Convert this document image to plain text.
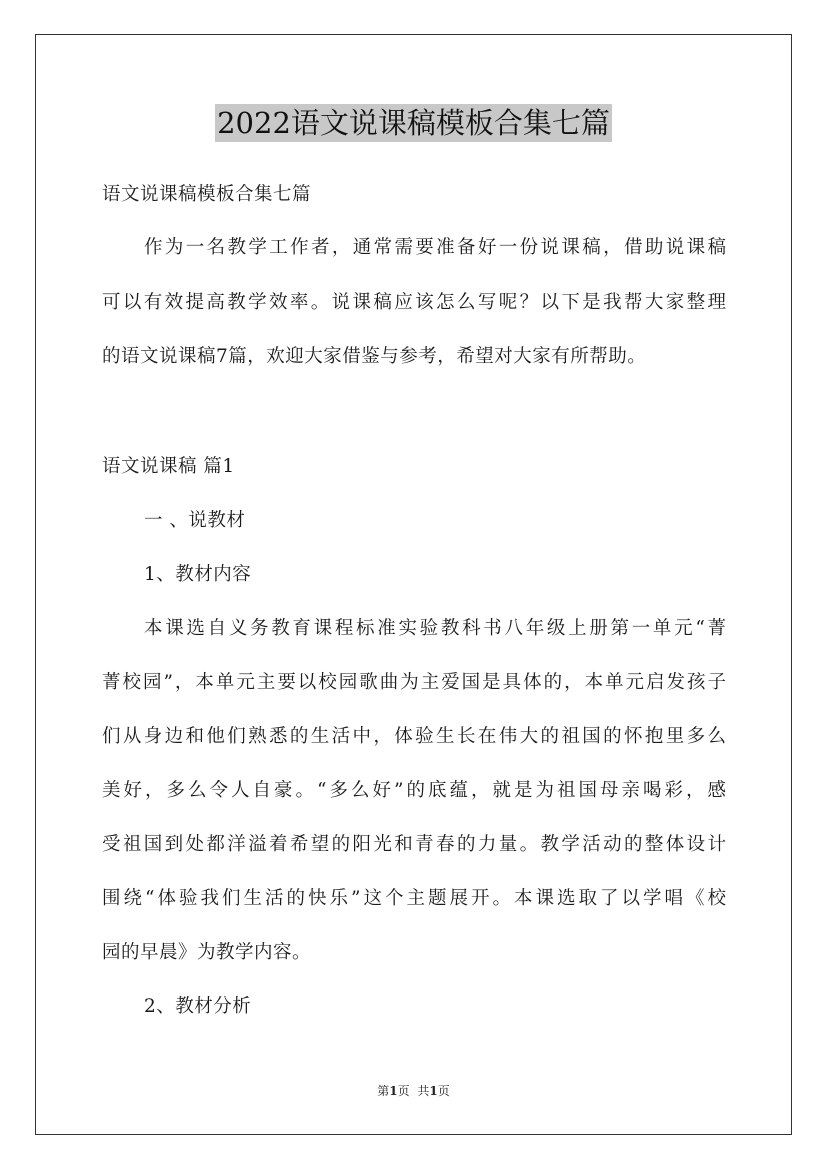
2022语文说课稿模板合集七篇
语文说课稿模板合集七篇
作为一名教学工作者，通常需要准备好一份说课稿，借助说课稿
可以有效提高教学效率。说课稿应该怎么写呢？以下是我帮大家整理
的语文说课稿7篇，欢迎大家借鉴与参考，希望对大家有所帮助。
语文说课稿 篇1
一 、说教材
1、教材内容
本课选自义务教育课程标准实验教科书八年级上册第一单元“菁
菁校园”，本单元主要以校园歌曲为主爱国是具体的，本单元启发孩子
们从身边和他们熟悉的生活中，体验生长在伟大的祖国的怀抱里多么
美好，多么令人自豪。“多么好”的底蕴，就是为祖国母亲喝彩，感
受祖国到处都洋溢着希望的阳光和青春的力量。教学活动的整体设计
围绕“体验我们生活的快乐”这个主题展开。本课选取了以学唱《校
园的早晨》为教学内容。
2、教材分析
第1页 共1页
